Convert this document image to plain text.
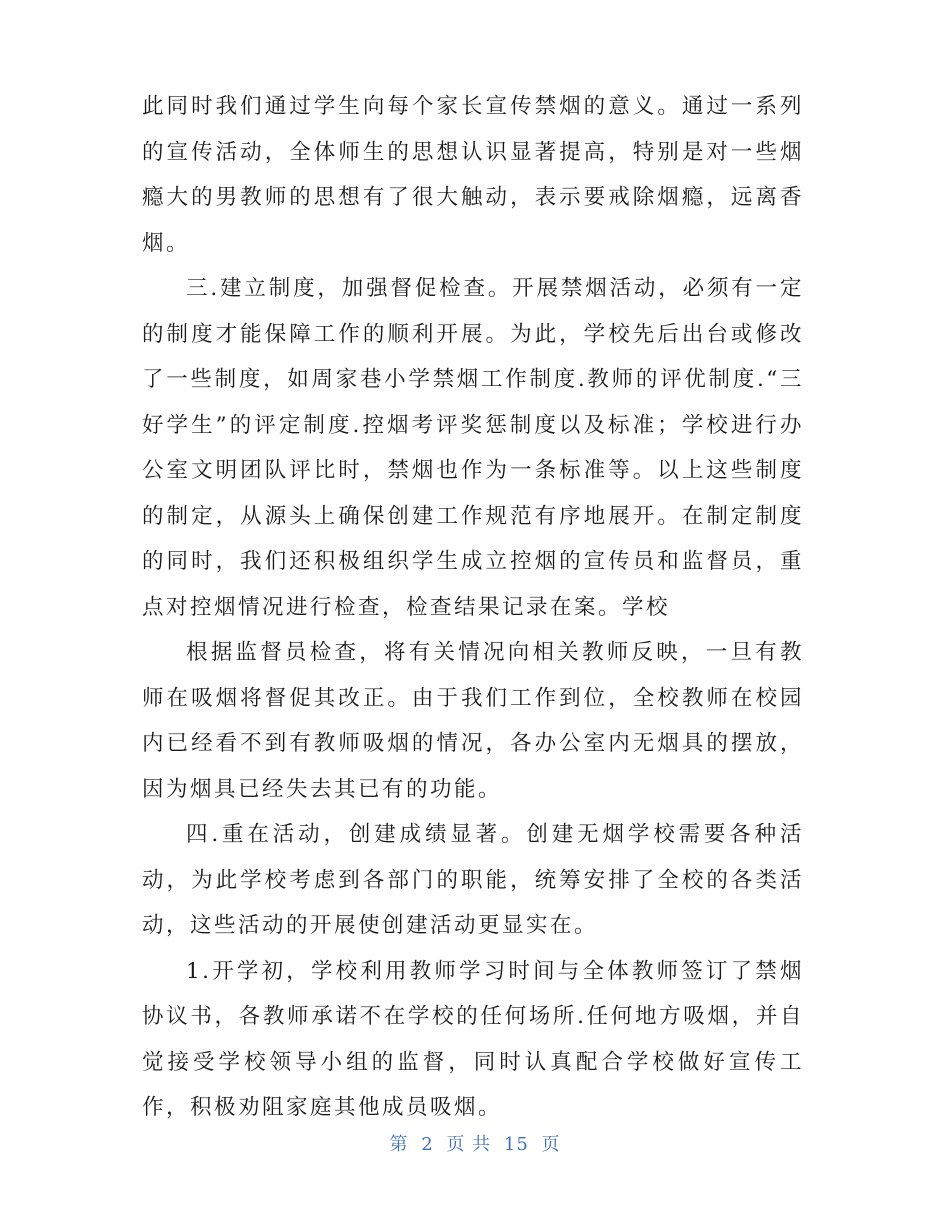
此同时我们通过学生向每个家长宣传禁烟的意义。通过一系列的宣传活动，全体师生的思想认识显著提高，特别是对一些烟瘾大的男教师的思想有了很大触动，表示要戒除烟瘾，远离香烟。

三.建立制度，加强督促检查。开展禁烟活动，必须有一定的制度才能保障工作的顺利开展。为此，学校先后出台或修改了一些制度，如周家巷小学禁烟工作制度.教师的评优制度.“三好学生”的评定制度.控烟考评奖惩制度以及标准；学校进行办公室文明团队评比时，禁烟也作为一条标准等。以上这些制度的制定，从源头上确保创建工作规范有序地展开。在制定制度的同时，我们还积极组织学生成立控烟的宣传员和监督员，重点对控烟情况进行检查，检查结果记录在案。学校

根据监督员检查，将有关情况向相关教师反映，一旦有教师在吸烟将督促其改正。由于我们工作到位，全校教师在校园内已经看不到有教师吸烟的情况，各办公室内无烟具的摆放，因为烟具已经失去其已有的功能。

四.重在活动，创建成绩显著。创建无烟学校需要各种活动，为此学校考虑到各部门的职能，统筹安排了全校的各类活动，这些活动的开展使创建活动更显实在。

1.开学初，学校利用教师学习时间与全体教师签订了禁烟协议书，各教师承诺不在学校的任何场所.任何地方吸烟，并自觉接受学校领导小组的监督，同时认真配合学校做好宣传工作，积极劝阻家庭其他成员吸烟。

第 2 页 共 15 页
